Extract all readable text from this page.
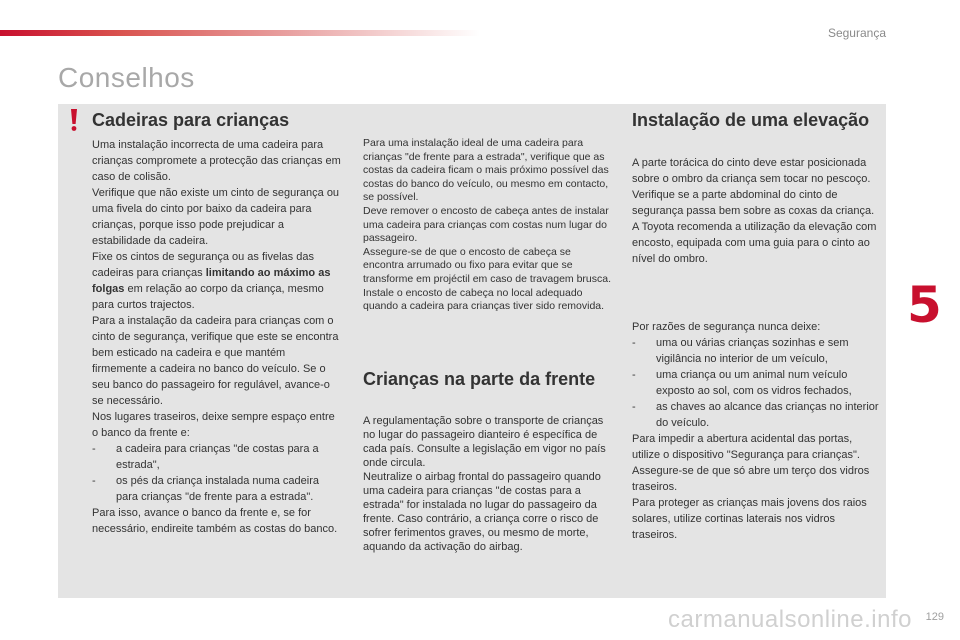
Segurança
Conselhos
Cadeiras para crianças

Uma instalação incorrecta de uma cadeira para crianças compromete a protecção das crianças em caso de colisão.

Verifique que não existe um cinto de segurança ou uma fivela do cinto por baixo da cadeira para crianças, porque isso pode prejudicar a estabilidade da cadeira.

Fixe os cintos de segurança ou as fivelas das cadeiras para crianças limitando ao máximo as folgas em relação ao corpo da criança, mesmo para curtos trajectos.

Para a instalação da cadeira para crianças com o cinto de segurança, verifique que este se encontra bem esticado na cadeira e que mantém firmemente a cadeira no banco do veículo. Se o seu banco do passageiro for regulável, avance-o se necessário.

Nos lugares traseiros, deixe sempre espaço entre o banco da frente e:

- a cadeira para crianças "de costas para a estrada",
- os pés da criança instalada numa cadeira para crianças "de frente para a estrada".

Para isso, avance o banco da frente e, se for necessário, endireite também as costas do banco.

Para uma instalação ideal de uma cadeira para crianças "de frente para a estrada", verifique que as costas da cadeira ficam o mais próximo possível das costas do banco do veículo, ou mesmo em contacto, se possível.

Deve remover o encosto de cabeça antes de instalar uma cadeira para crianças com costas num lugar do passageiro.

Assegure-se de que o encosto de cabeça se encontra arrumado ou fixo para evitar que se transforme em projéctil em caso de travagem brusca.

Instale o encosto de cabeça no local adequado quando a cadeira para crianças tiver sido removida.

Crianças na parte da frente

A regulamentação sobre o transporte de crianças no lugar do passageiro dianteiro é específica de cada país. Consulte a legislação em vigor no país onde circula.

Neutralize o airbag frontal do passageiro quando uma cadeira para crianças "de costas para a estrada" for instalada no lugar do passageiro da frente. Caso contrário, a criança corre o risco de sofrer ferimentos graves, ou mesmo de morte, aquando da activação do airbag.

Instalação de uma elevação

A parte torácica do cinto deve estar posicionada sobre o ombro da criança sem tocar no pescoço.

Verifique se a parte abdominal do cinto de segurança passa bem sobre as coxas da criança.

A Toyota recomenda a utilização da elevação com encosto, equipada com uma guia para o cinto ao nível do ombro.

Por razões de segurança nunca deixe:

- uma ou várias crianças sozinhas e sem vigilância no interior de um veículo,
- uma criança ou um animal num veículo exposto ao sol, com os vidros fechados,
- as chaves ao alcance das crianças no interior do veículo.

Para impedir a abertura acidental das portas, utilize o dispositivo "Segurança para crianças".

Assegure-se de que só abre um terço dos vidros traseiros.

Para proteger as crianças mais jovens dos raios solares, utilize cortinas laterais nos vidros traseiros.

5
carmanualsonline.info 129
